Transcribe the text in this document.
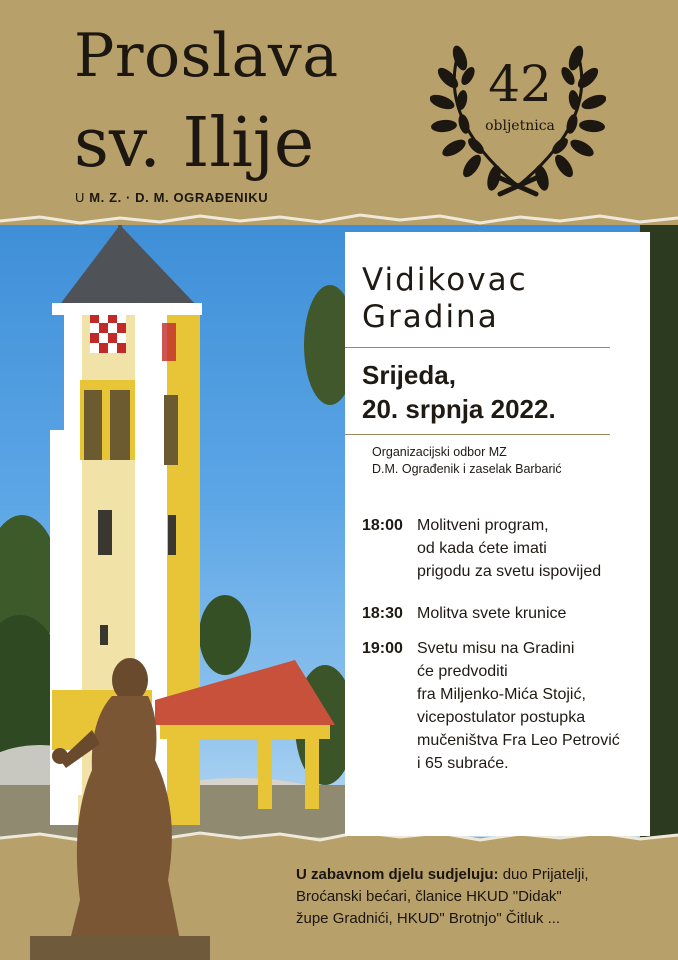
Proslava
sv. Ilije
U M. Z. · D. M. OGRAĐENIKU
42
obljetnica
Vidikovac
Gradina
Srijeda,
20. srpnja 2022.
Organizacijski odbor MZ
D.M. Ograđenik i zaselak Barbarić
18:00 Molitveni program,
od kada ćete imati
prigodu za svetu ispovijed
18:30 Molitva svete krunice
19:00 Svetu misu na Gradini
će predvoditi
fra Miljenko-Mića Stojić,
vicepostulator postupka
mučeništva Fra Leo Petrović
i 65 subraće.
U zabavnom djelu sudjeluju: duo Prijatelji,
Broćanski bećari, članice HKUD "Didak"
župe Gradnići, HKUD" Brotnjo" Čitluk ...
